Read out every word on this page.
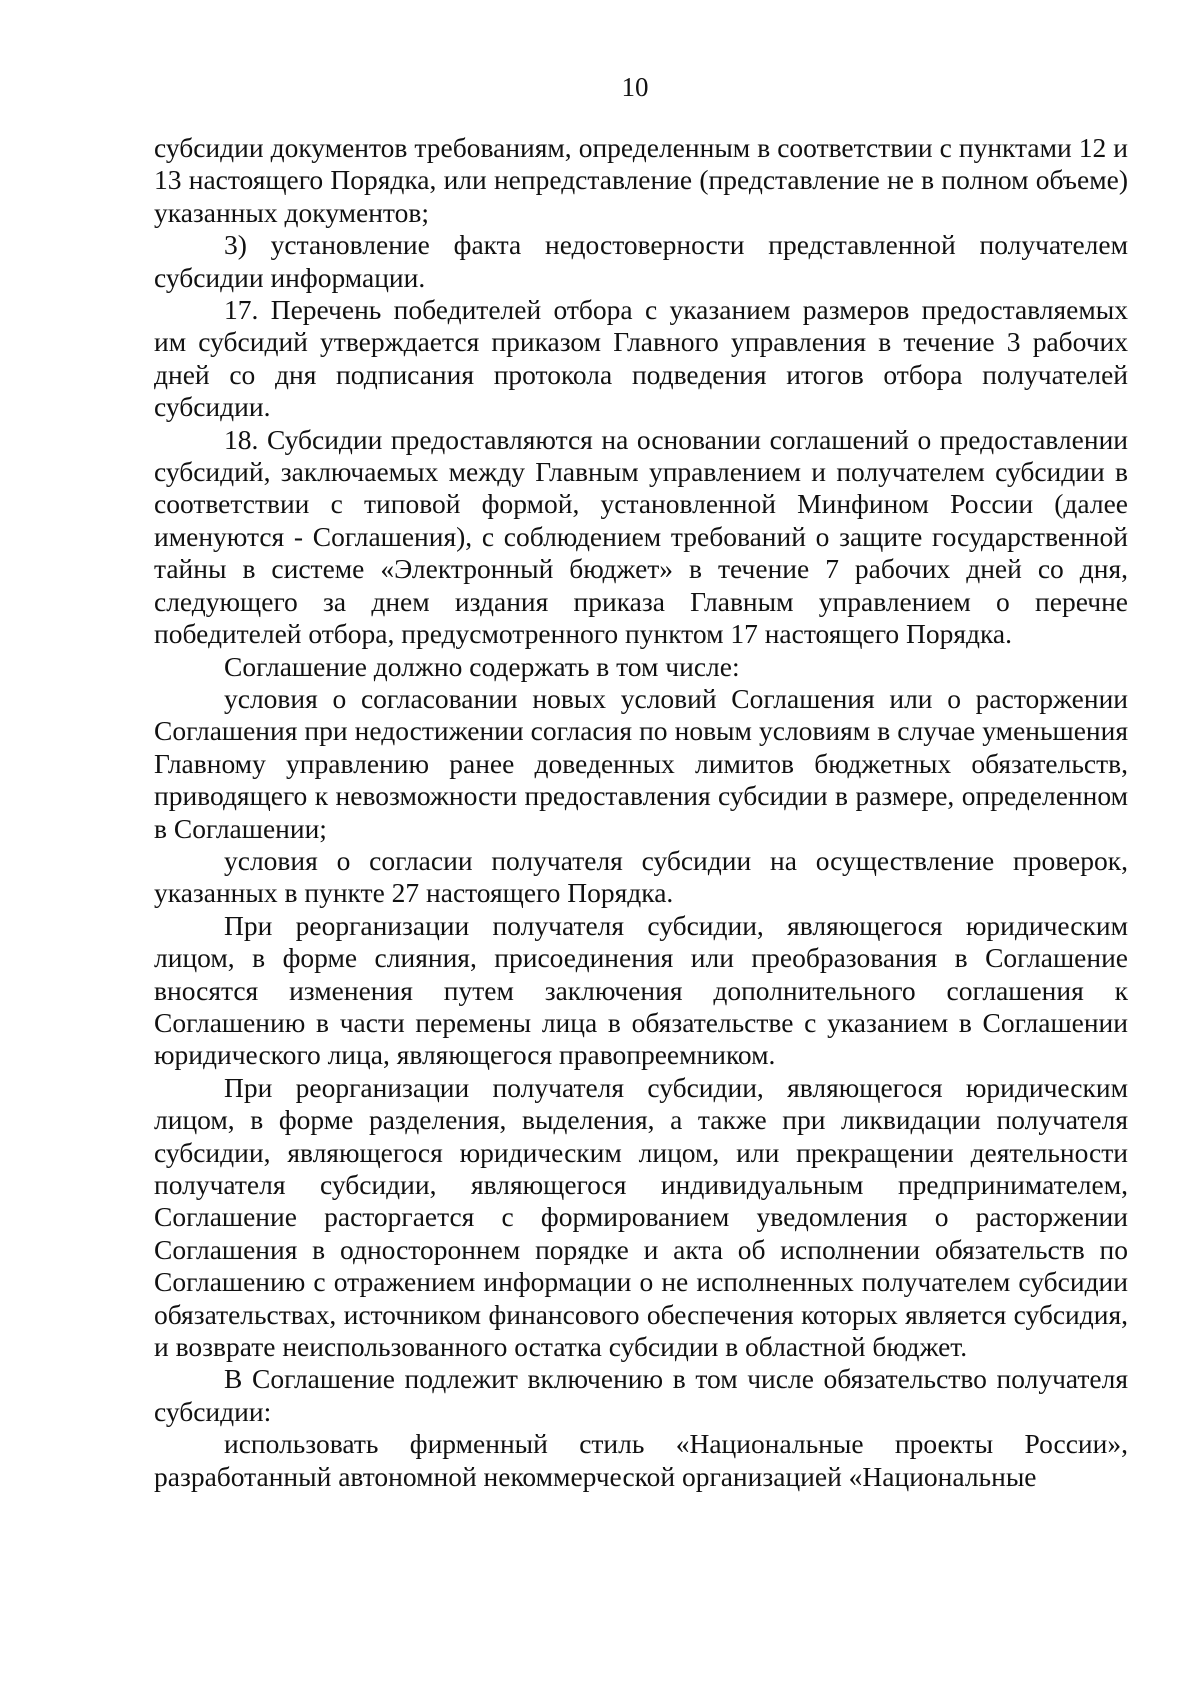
10

субсидии документов требованиям, определенным в соответствии с пунктами 12 и 13 настоящего Порядка, или непредставление (представление не в полном объеме) указанных документов;

3) установление факта недостоверности представленной получателем субсидии информации.

17. Перечень победителей отбора с указанием размеров предоставляемых им субсидий утверждается приказом Главного управления в течение 3 рабочих дней со дня подписания протокола подведения итогов отбора получателей субсидии.

18. Субсидии предоставляются на основании соглашений о предоставлении субсидий, заключаемых между Главным управлением и получателем субсидии в соответствии с типовой формой, установленной Минфином России (далее именуются - Соглашения), с соблюдением требований о защите государственной тайны в системе «Электронный бюджет» в течение 7 рабочих дней со дня, следующего за днем издания приказа Главным управлением о перечне победителей отбора, предусмотренного пунктом 17 настоящего Порядка.

Соглашение должно содержать в том числе:

условия о согласовании новых условий Соглашения или о расторжении Соглашения при недостижении согласия по новым условиям в случае уменьшения Главному управлению ранее доведенных лимитов бюджетных обязательств, приводящего к невозможности предоставления субсидии в размере, определенном в Соглашении;

условия о согласии получателя субсидии на осуществление проверок, указанных в пункте 27 настоящего Порядка.

При реорганизации получателя субсидии, являющегося юридическим лицом, в форме слияния, присоединения или преобразования в Соглашение вносятся изменения путем заключения дополнительного соглашения к Соглашению в части перемены лица в обязательстве с указанием в Соглашении юридического лица, являющегося правопреемником.

При реорганизации получателя субсидии, являющегося юридическим лицом, в форме разделения, выделения, а также при ликвидации получателя субсидии, являющегося юридическим лицом, или прекращении деятельности получателя субсидии, являющегося индивидуальным предпринимателем, Соглашение расторгается с формированием уведомления о расторжении Соглашения в одностороннем порядке и акта об исполнении обязательств по Соглашению с отражением информации о не исполненных получателем субсидии обязательствах, источником финансового обеспечения которых является субсидия, и возврате неиспользованного остатка субсидии в областной бюджет.

В Соглашение подлежит включению в том числе обязательство получателя субсидии:

использовать фирменный стиль «Национальные проекты России», разработанный автономной некоммерческой организацией «Национальные
